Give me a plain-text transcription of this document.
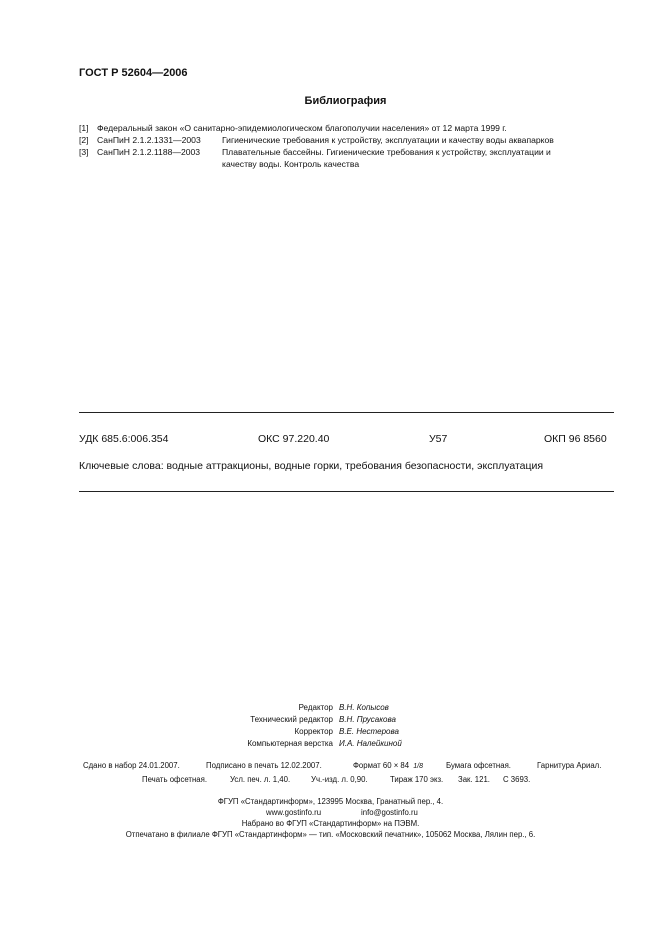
ГОСТ Р 52604—2006
Библиография
[1] Федеральный закон «О санитарно-эпидемиологическом благополучии населения» от 12 марта 1999 г.
[2] СанПиН 2.1.2.1331—2003 Гигиенические требования к устройству, эксплуатации и качеству воды аквапарков
[3] СанПиН 2.1.2.1188—2003	Плавательные бассейны. Гигиенические требования к устройству, эксплуатации и
качеству воды. Контроль качества
УДК 685.6:006.354	ОКС 97.220.40	У57	ОКП 96 8560
Ключевые слова: водные аттракционы, водные горки, требования безопасности, эксплуатация
Редактор В.Н. Копысов
Технический редактор В.Н. Прусакова
Корректор В.Е. Нестерова
Компьютерная верстка И.А. Налейкиной
Сдано в набор 24.01.2007.	Подписано в печать 12.02.2007.	Формат 60 × 84 1/8	Бумага офсетная.	Гарнитура Ариал.
Печать офсетная.	Усл. печ. л. 1,40.	Уч.-изд. л. 0,90.	Тираж 170 экз. Зак. 121. С 3693.
ФГУП «Стандартинформ», 123995 Москва, Гранатный пер., 4.
www.gostinfo.ru	info@gostinfo.ru
Набрано во ФГУП «Стандартинформ» на ПЭВМ.
Отпечатано в филиале ФГУП «Стандартинформ» — тип. «Московский печатник», 105062 Москва, Лялин пер., 6.
